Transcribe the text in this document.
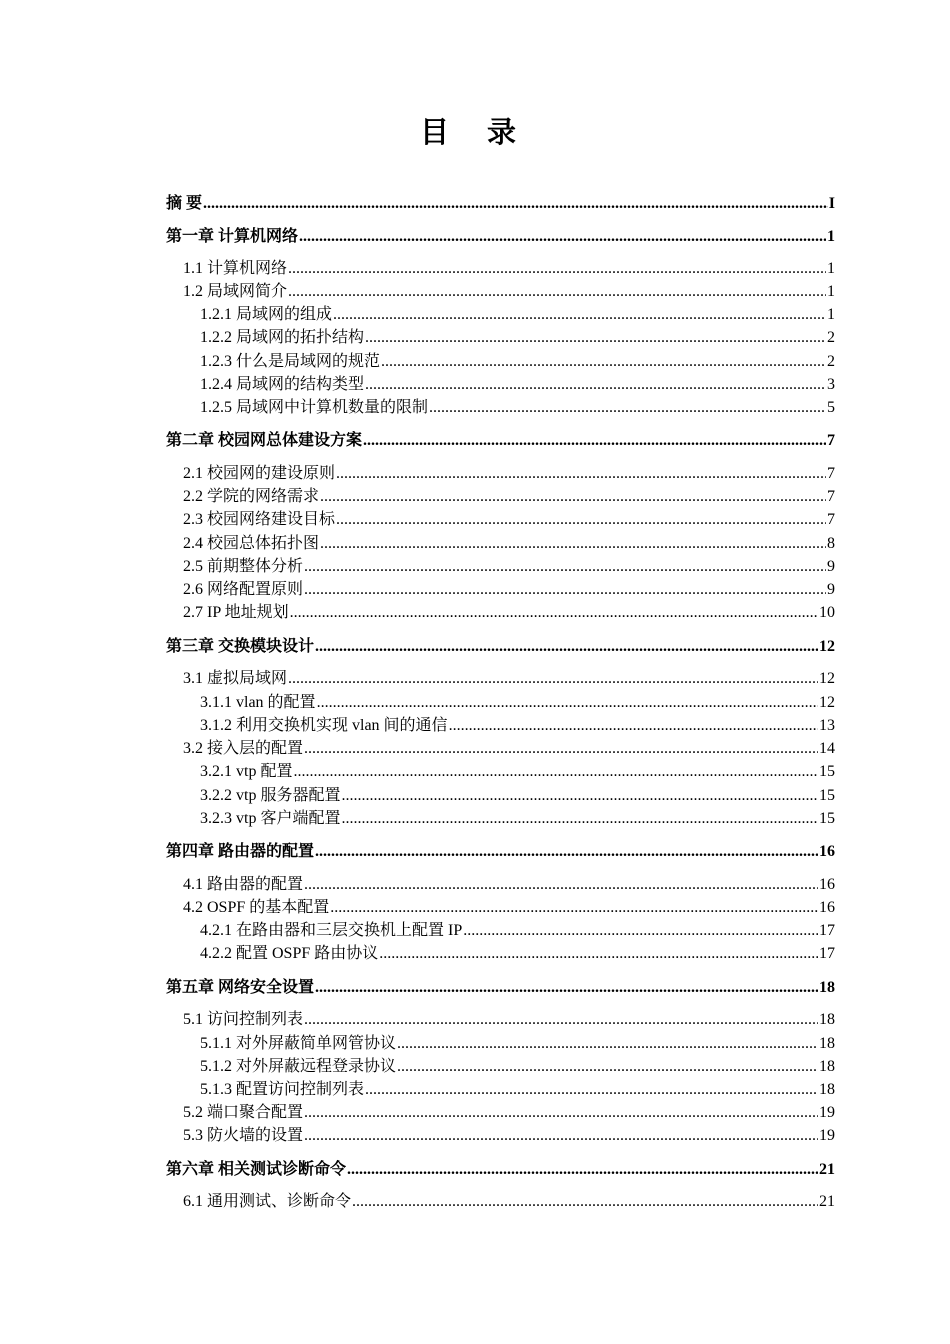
目 录
摘 要 .....	I
第一章 计算机网络 .....	1
1.1 计算机网络 .....	1
1.2 局域网简介 .....	1
1.2.1 局域网的组成 .....	1
1.2.2 局域网的拓扑结构 .....	2
1.2.3 什么是局域网的规范 .....	2
1.2.4 局域网的结构类型 .....	3
1.2.5 局域网中计算机数量的限制 .....	5
第二章 校园网总体建设方案 .....	7
2.1 校园网的建设原则 .....	7
2.2 学院的网络需求 .....	7
2.3 校园网络建设目标 .....	7
2.4 校园总体拓扑图 .....	8
2.5 前期整体分析 .....	9
2.6 网络配置原则 .....	9
2.7 IP 地址规划 .....	10
第三章 交换模块设计 .....	12
3.1 虚拟局域网 .....	12
3.1.1 vlan 的配置 .....	12
3.1.2 利用交换机实现 vlan 间的通信 .....	13
3.2 接入层的配置 .....	14
3.2.1 vtp 配置 .....	15
3.2.2 vtp 服务器配置 .....	15
3.2.3 vtp 客户端配置 .....	15
第四章 路由器的配置 .....	16
4.1 路由器的配置 .....	16
4.2 OSPF 的基本配置 .....	16
4.2.1 在路由器和三层交换机上配置 IP .....	17
4.2.2 配置 OSPF 路由协议 .....	17
第五章 网络安全设置 .....	18
5.1 访问控制列表 .....	18
5.1.1 对外屏蔽简单网管协议 .....	18
5.1.2 对外屏蔽远程登录协议 .....	18
5.1.3 配置访问控制列表 .....	18
5.2 端口聚合配置 .....	19
5.3 防火墙的设置 .....	19
第六章 相关测试诊断命令 .....	21
6.1 通用测试、诊断命令 .....	21
